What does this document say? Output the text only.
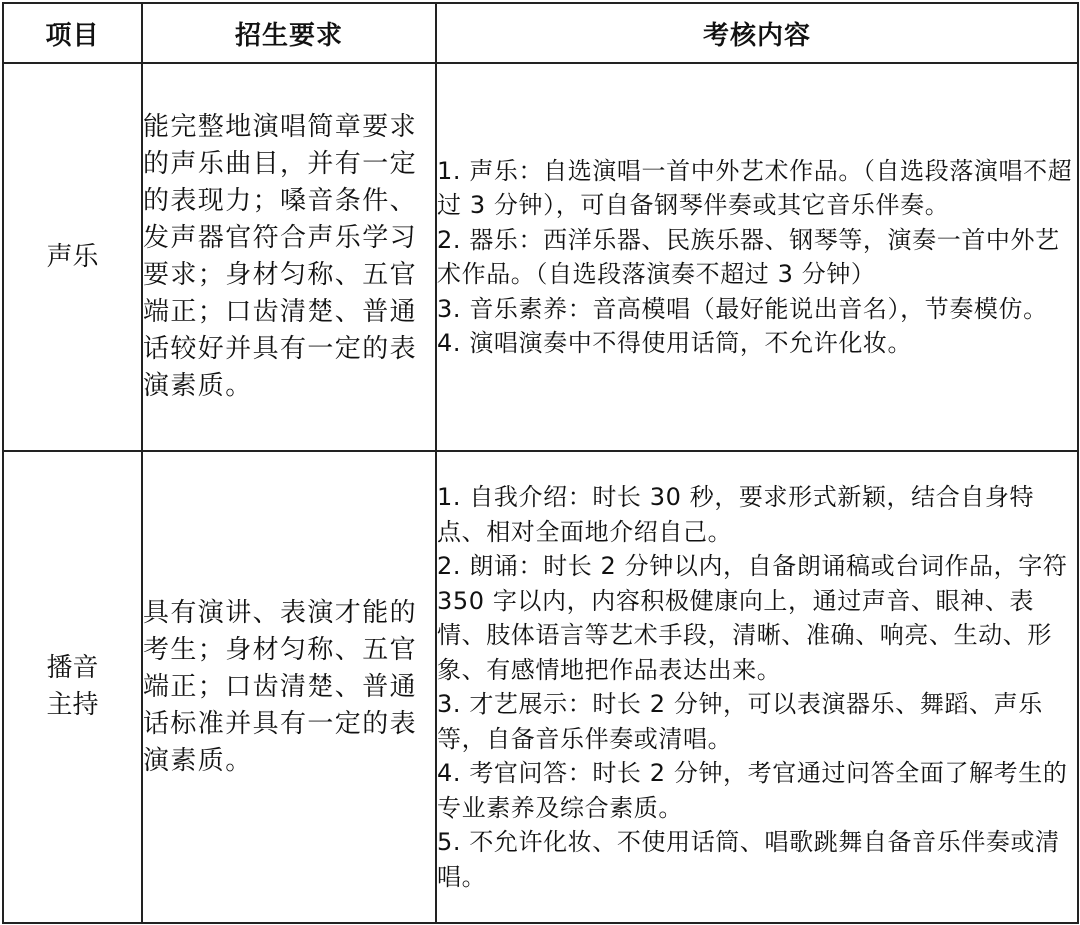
项目	招生要求	考核内容

声乐	能完整地演唱简章要求的声乐曲目，并有一定的表现力；嗓音条件、发声器官符合声乐学习要求；身材匀称、五官端正；口齿清楚、普通话较好并具有一定的表演素质。	1. 声乐：自选演唱一首中外艺术作品。（自选段落演唱不超过 3 分钟），可自备钢琴伴奏或其它音乐伴奏。
2. 器乐：西洋乐器、民族乐器、钢琴等，演奏一首中外艺术作品。（自选段落演奏不超过 3 分钟）
3. 音乐素养：音高模唱（最好能说出音名），节奏模仿。
4. 演唱演奏中不得使用话筒，不允许化妆。

播音
主持	具有演讲、表演才能的考生；身材匀称、五官端正；口齿清楚、普通话标准并具有一定的表演素质。	1. 自我介绍：时长 30 秒，要求形式新颖，结合自身特点、相对全面地介绍自己。
2. 朗诵：时长 2 分钟以内，自备朗诵稿或台词作品，字符 350 字以内，内容积极健康向上，通过声音、眼神、表情、肢体语言等艺术手段，清晰、准确、响亮、生动、形象、有感情地把作品表达出来。
3. 才艺展示：时长 2 分钟，可以表演器乐、舞蹈、声乐等，自备音乐伴奏或清唱。
4. 考官问答：时长 2 分钟，考官通过问答全面了解考生的专业素养及综合素质。
5. 不允许化妆、不使用话筒、唱歌跳舞自备音乐伴奏或清唱。
